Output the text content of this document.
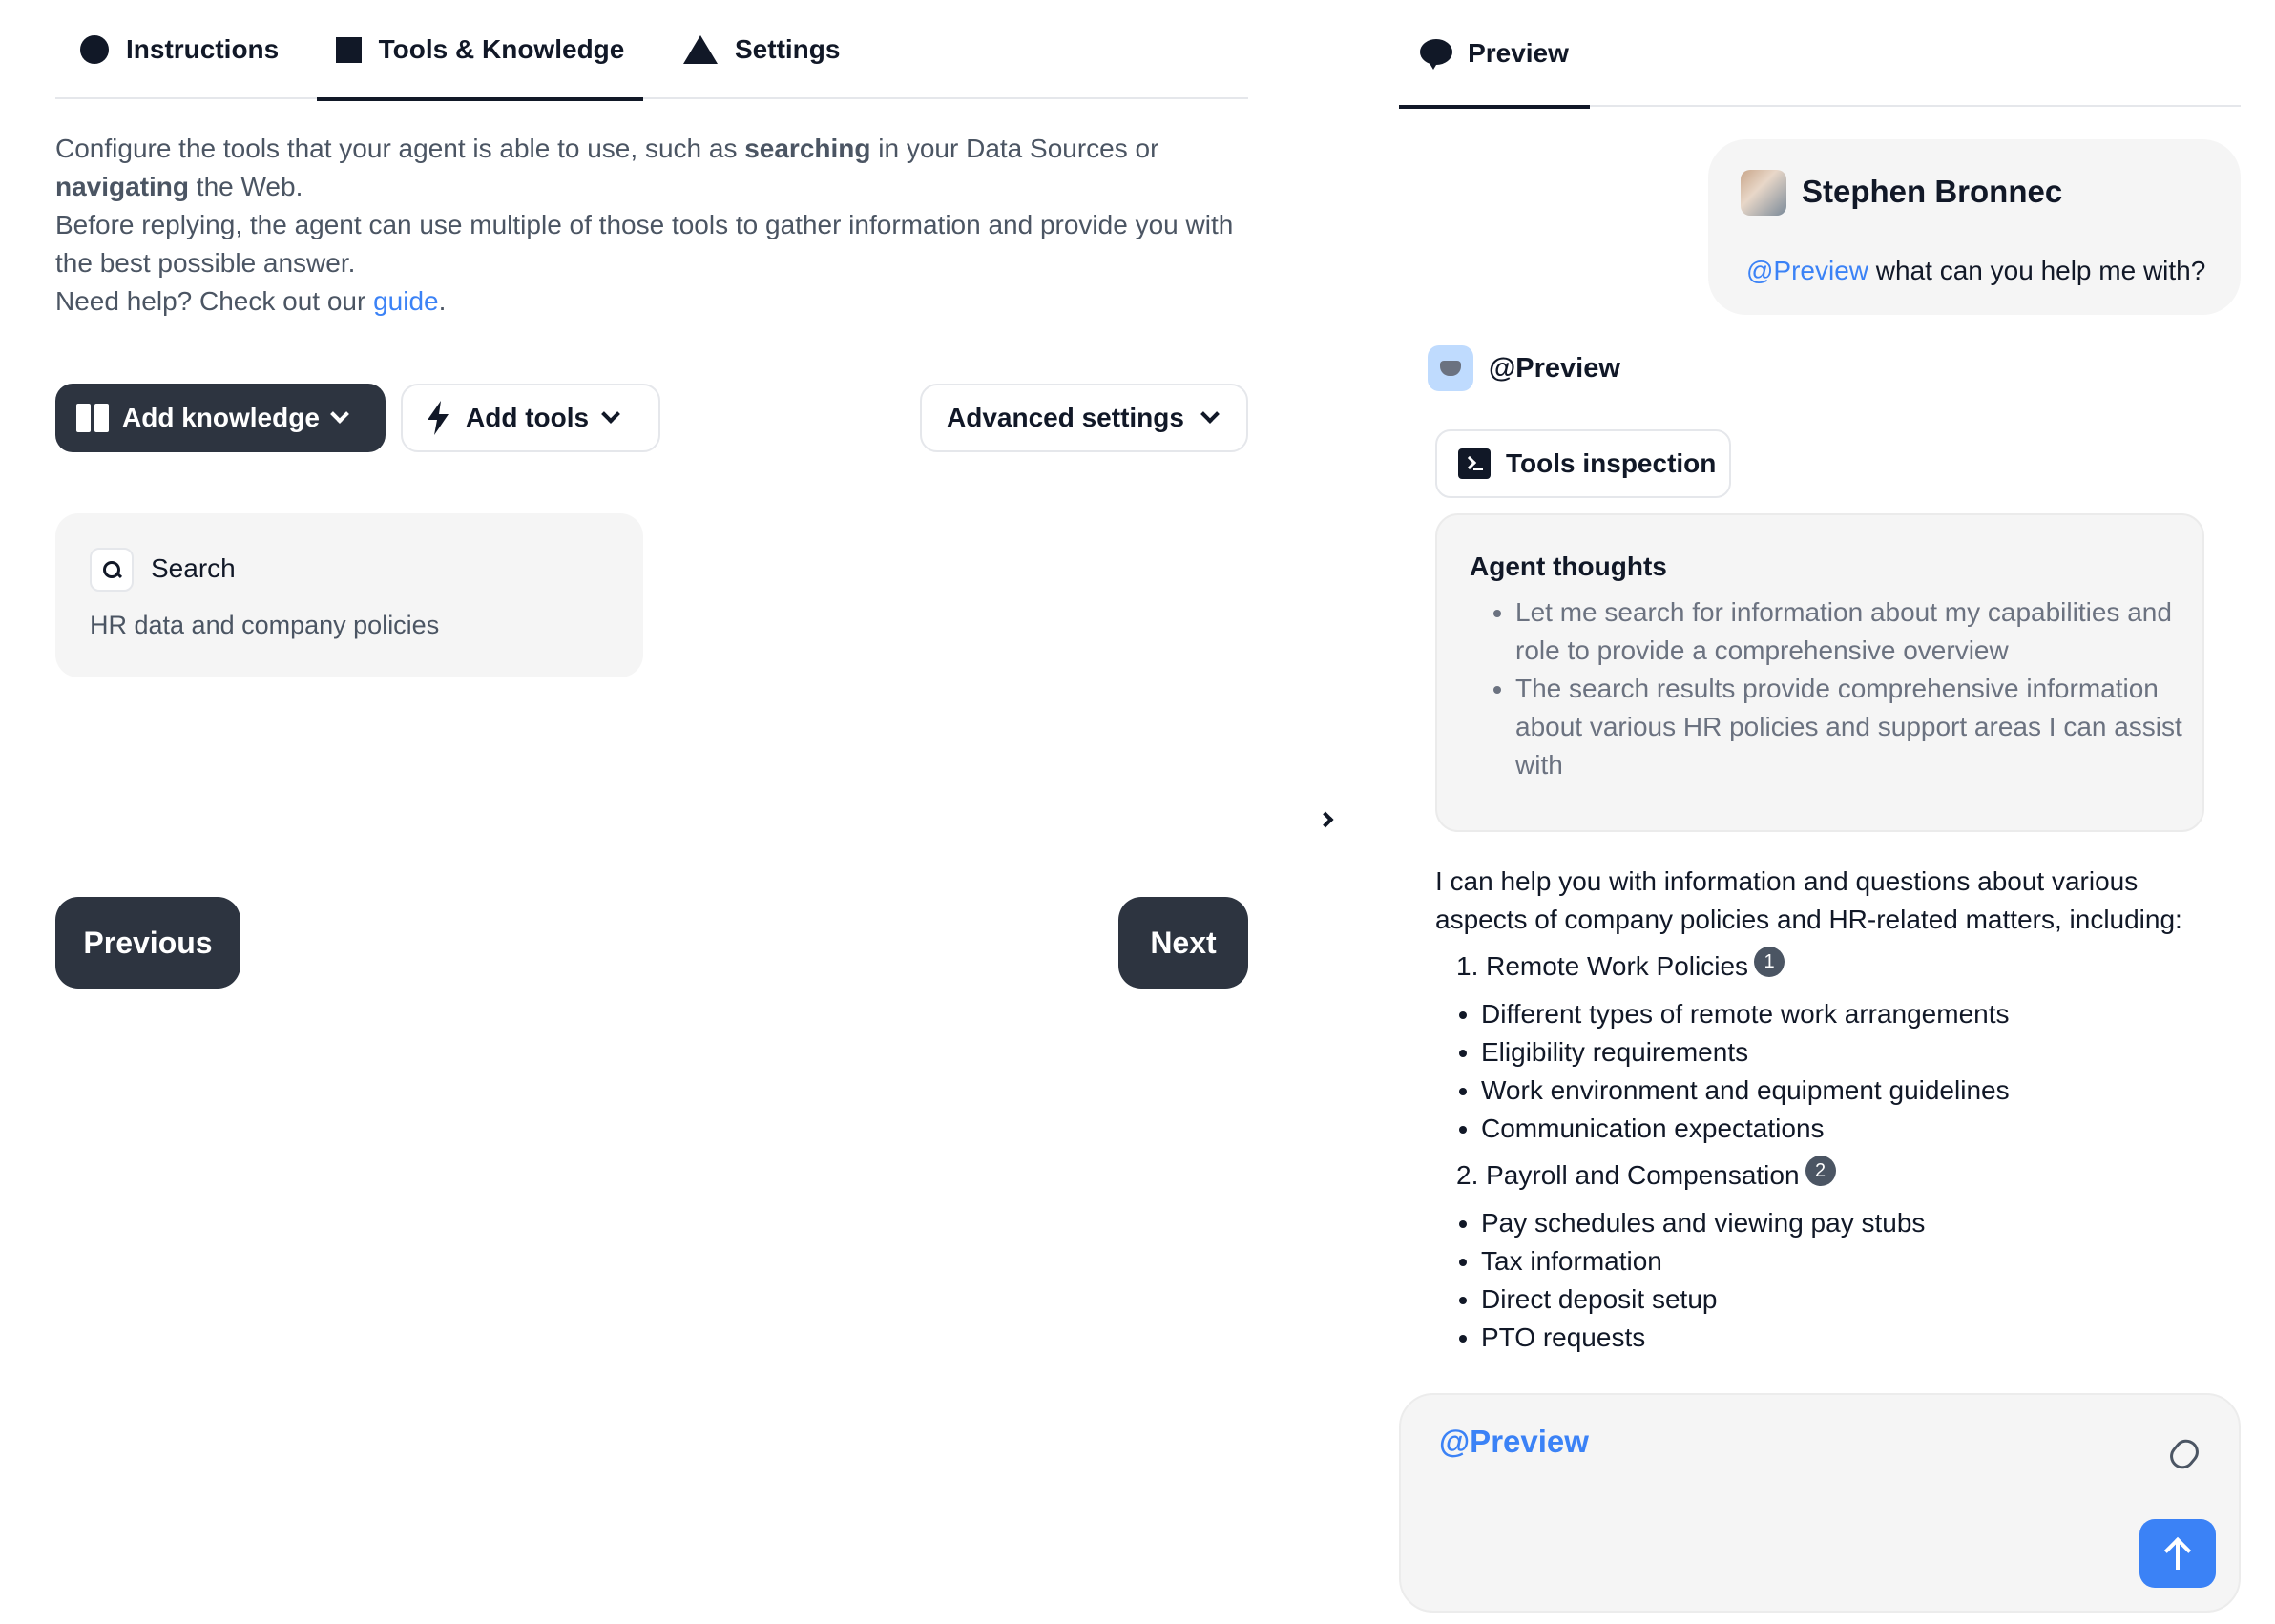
Instructions	Tools & Knowledge	Settings
Configure the tools that your agent is able to use, such as searching in your Data Sources or
navigating the Web.
Before replying, the agent can use multiple of those tools to gather information and provide you with the best possible answer.
Need help? Check out our guide.
Add knowledge	Add tools	Advanced settings
Search
HR data and company policies
Previous	Next
Preview
Stephen Bronnec
@Preview what can you help me with?
@Preview
Tools inspection
Agent thoughts
• Let me search for information about my capabilities and role to provide a comprehensive overview
• The search results provide comprehensive information about various HR policies and support areas I can assist with

I can help you with information and questions about various aspects of company policies and HR-related matters, including:

1. Remote Work Policies 1
• Different types of remote work arrangements
• Eligibility requirements
• Work environment and equipment guidelines
• Communication expectations
2. Payroll and Compensation 2
• Pay schedules and viewing pay stubs
• Tax information
• Direct deposit setup
• PTO requests
@Preview
